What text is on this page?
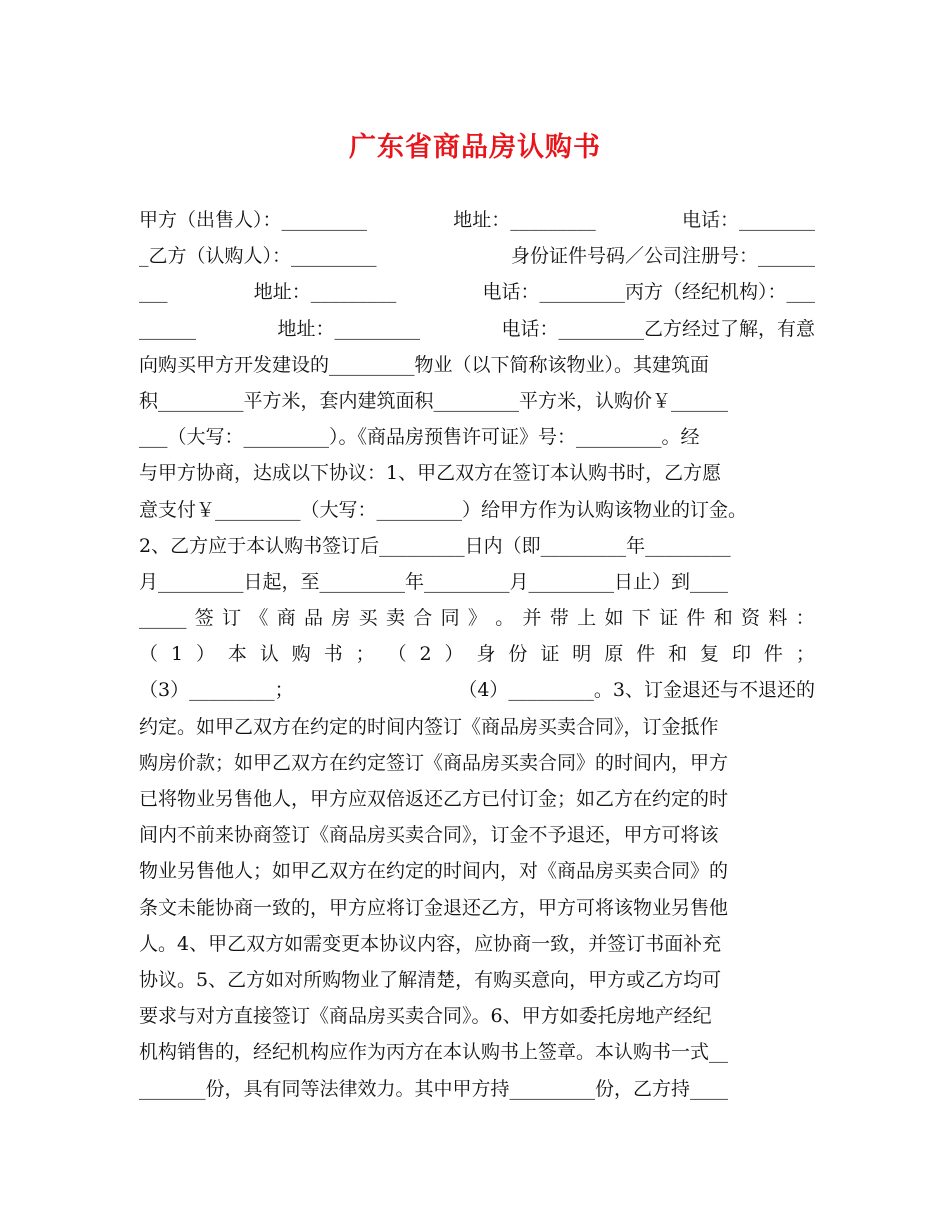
广东省商品房认购书
甲方（出售人）：_________	地址：_________	电话：________
_乙方（认购人）：_________	身份证件号码／公司注册号：______
___	地址：_________	电话：_________丙方（经纪机构）：___
______	地址：_________	电话：_________乙方经过了解，有意
向购买甲方开发建设的_________物业（以下简称该物业）。其建筑面
积_________平方米，套内建筑面积_________平方米，认购价￥______
___（大写：_________）。《商品房预售许可证》号：_________。经
与甲方协商，达成以下协议：1、甲乙双方在签订本认购书时，乙方愿
意支付￥_________（大写：_________）给甲方作为认购该物业的订金。
2、乙方应于本认购书签订后_________日内（即_________年_________
月_________日起，至_________年_________月_________日止）到____
_____ 签 订 《 商 品 房 买 卖 合 同 》 。 并 带 上 如 下 证 件 和 资 料 ：
（ 1 ） 本 认 购 书 ； （ 2 ） 身 份 证 明 原 件 和 复 印 件 ；
（3）_________；	（4）_________。3、订金退还与不退还的
约定。如甲乙双方在约定的时间内签订《商品房买卖合同》，订金抵作
购房价款；如甲乙双方在约定签订《商品房买卖合同》的时间内，甲方
已将物业另售他人，甲方应双倍返还乙方已付订金；如乙方在约定的时
间内不前来协商签订《商品房买卖合同》，订金不予退还，甲方可将该
物业另售他人；如甲乙双方在约定的时间内，对《商品房买卖合同》的
条文未能协商一致的，甲方应将订金退还乙方，甲方可将该物业另售他
人。4、甲乙双方如需变更本协议内容，应协商一致，并签订书面补充
协议。5、乙方如对所购物业了解清楚，有购买意向，甲方或乙方均可
要求与对方直接签订《商品房买卖合同》。6、甲方如委托房地产经纪
机构销售的，经纪机构应作为丙方在本认购书上签章。本认购书一式__
_______份，具有同等法律效力。其中甲方持_________份，乙方持____
